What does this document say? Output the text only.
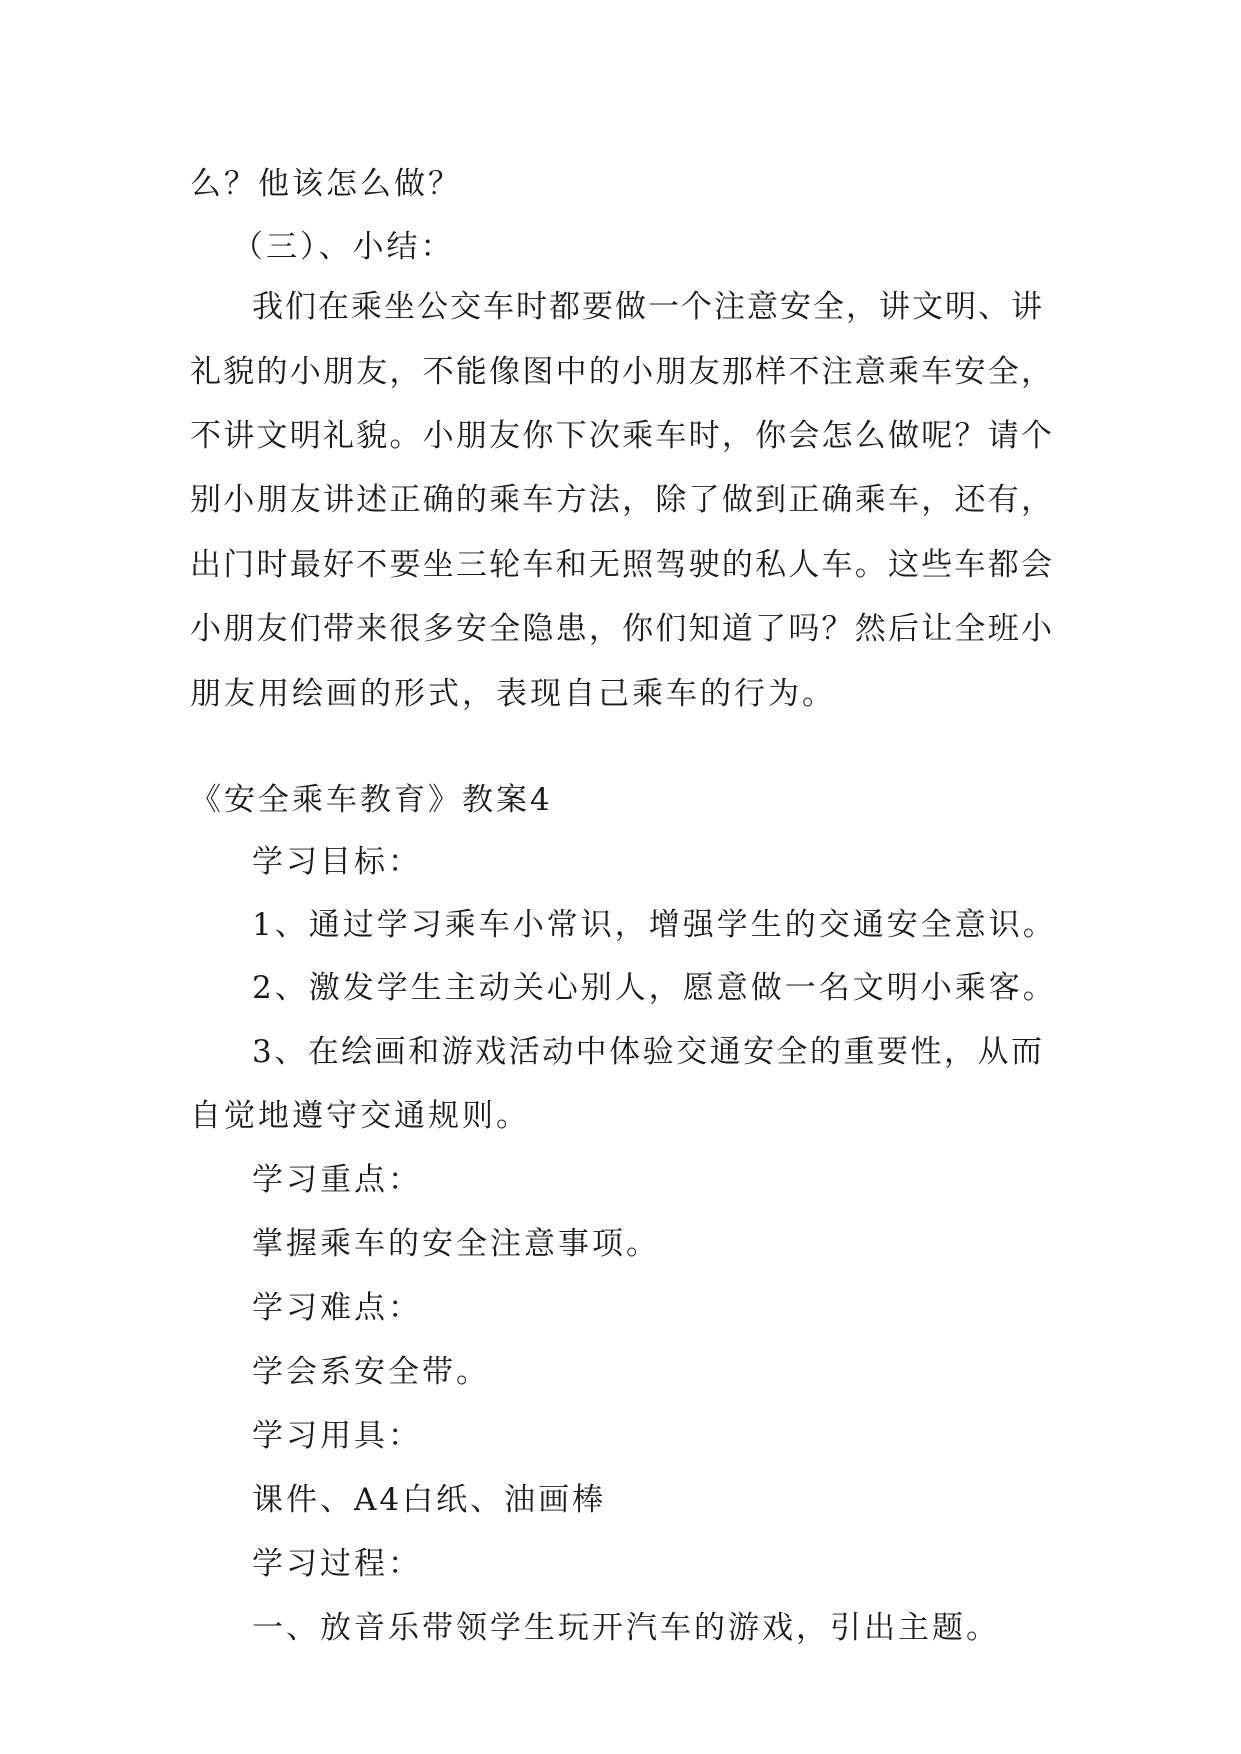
么？他该怎么做？
（三）、小结：
我们在乘坐公交车时都要做一个注意安全，讲文明、讲
礼貌的小朋友，不能像图中的小朋友那样不注意乘车安全，
不讲文明礼貌。小朋友你下次乘车时，你会怎么做呢？请个
别小朋友讲述正确的乘车方法，除了做到正确乘车，还有，
出门时最好不要坐三轮车和无照驾驶的私人车。这些车都会
小朋友们带来很多安全隐患，你们知道了吗？然后让全班小
朋友用绘画的形式，表现自己乘车的行为。
《安全乘车教育》教案4
学习目标：
1、通过学习乘车小常识，增强学生的交通安全意识。
2、激发学生主动关心别人，愿意做一名文明小乘客。
3、在绘画和游戏活动中体验交通安全的重要性，从而
自觉地遵守交通规则。
学习重点：
掌握乘车的安全注意事项。
学习难点：
学会系安全带。
学习用具：
课件、A4白纸、油画棒
学习过程：
一、放音乐带领学生玩开汽车的游戏，引出主题。
